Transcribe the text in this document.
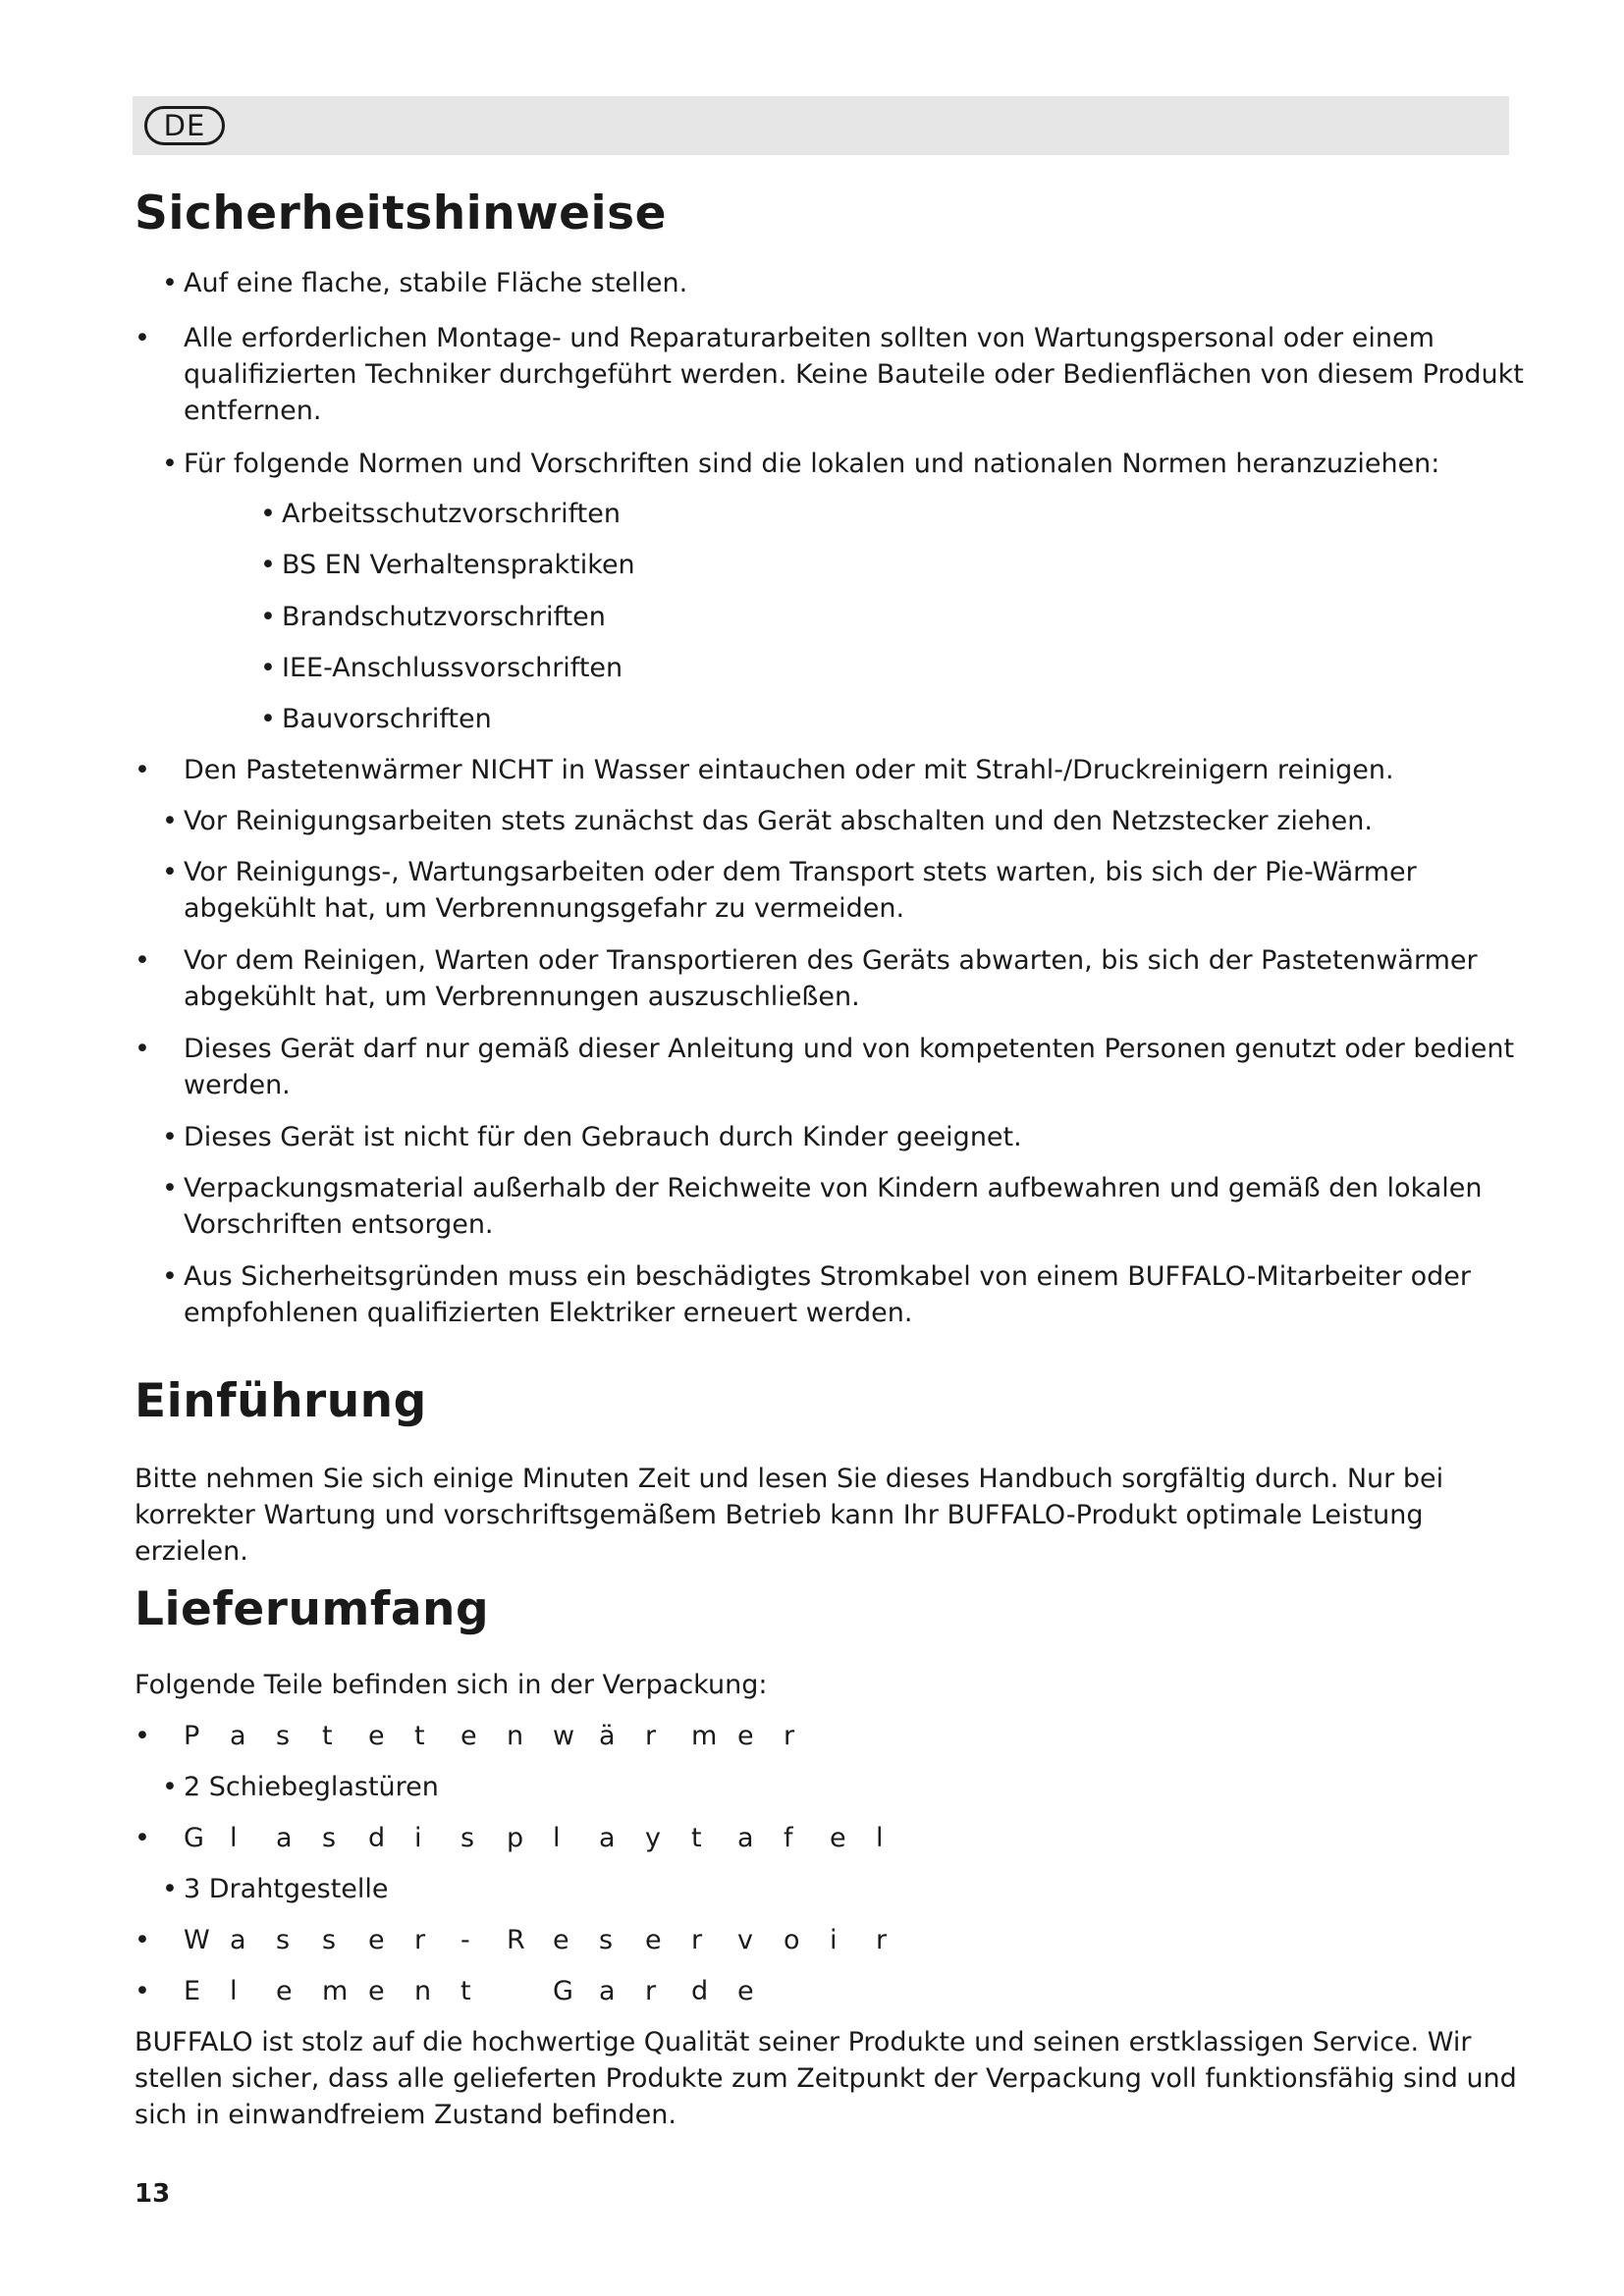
DE
Sicherheitshinweise

• Auf eine flache, stabile Fläche stellen.

• Alle erforderlichen Montage- und Reparaturarbeiten sollten von Wartungspersonal oder einem qualifizierten Techniker durchgeführt werden. Keine Bauteile oder Bedienflächen von diesem Produkt entfernen.

• Für folgende Normen und Vorschriften sind die lokalen und nationalen Normen heranzuziehen:

• Arbeitsschutzvorschriften

• BS EN Verhaltenspraktiken

• Brandschutzvorschriften

• IEE-Anschlussvorschriften

• Bauvorschriften

• Den Pastetenwärmer NICHT in Wasser eintauchen oder mit Strahl-/Druckreinigern reinigen.

• Vor Reinigungsarbeiten stets zunächst das Gerät abschalten und den Netzstecker ziehen.

• Vor Reinigungs-, Wartungsarbeiten oder dem Transport stets warten, bis sich der Pie-Wärmer abgekühlt hat, um Verbrennungsgefahr zu vermeiden.

• Vor dem Reinigen, Warten oder Transportieren des Geräts abwarten, bis sich der Pastetenwärmer abgekühlt hat, um Verbrennungen auszuschließen.

• Dieses Gerät darf nur gemäß dieser Anleitung und von kompetenten Personen genutzt oder bedient werden.

• Dieses Gerät ist nicht für den Gebrauch durch Kinder geeignet.

• Verpackungsmaterial außerhalb der Reichweite von Kindern aufbewahren und gemäß den lokalen Vorschriften entsorgen.

• Aus Sicherheitsgründen muss ein beschädigtes Stromkabel von einem BUFFALO-Mitarbeiter oder empfohlenen qualifizierten Elektriker erneuert werden.

Einführung

Bitte nehmen Sie sich einige Minuten Zeit und lesen Sie dieses Handbuch sorgfältig durch. Nur bei korrekter Wartung und vorschriftsgemäßem Betrieb kann Ihr BUFFALO-Produkt optimale Leistung erzielen.

Lieferumfang

Folgende Teile befinden sich in der Verpackung:

• P	a	s	t	e	t	e	n	w ä	r	m e	r

• 2 Schiebeglastüren

• G l	a	s	d	i	s	p	l	a	y	t	a	f	e	l

• 3 Drahtgestelle

• W a	s	s	e	r	-	R	e	s	e	r	v	o	i	r
• E	l	e	m e	n	t
	G a	r	d	e

BUFFALO ist stolz auf die hochwertige Qualität seiner Produkte und seinen erstklassigen Service. Wir stellen sicher, dass alle gelieferten Produkte zum Zeitpunkt der Verpackung voll funktionsfähig sind und sich in einwandfreiem Zustand befinden.

13
